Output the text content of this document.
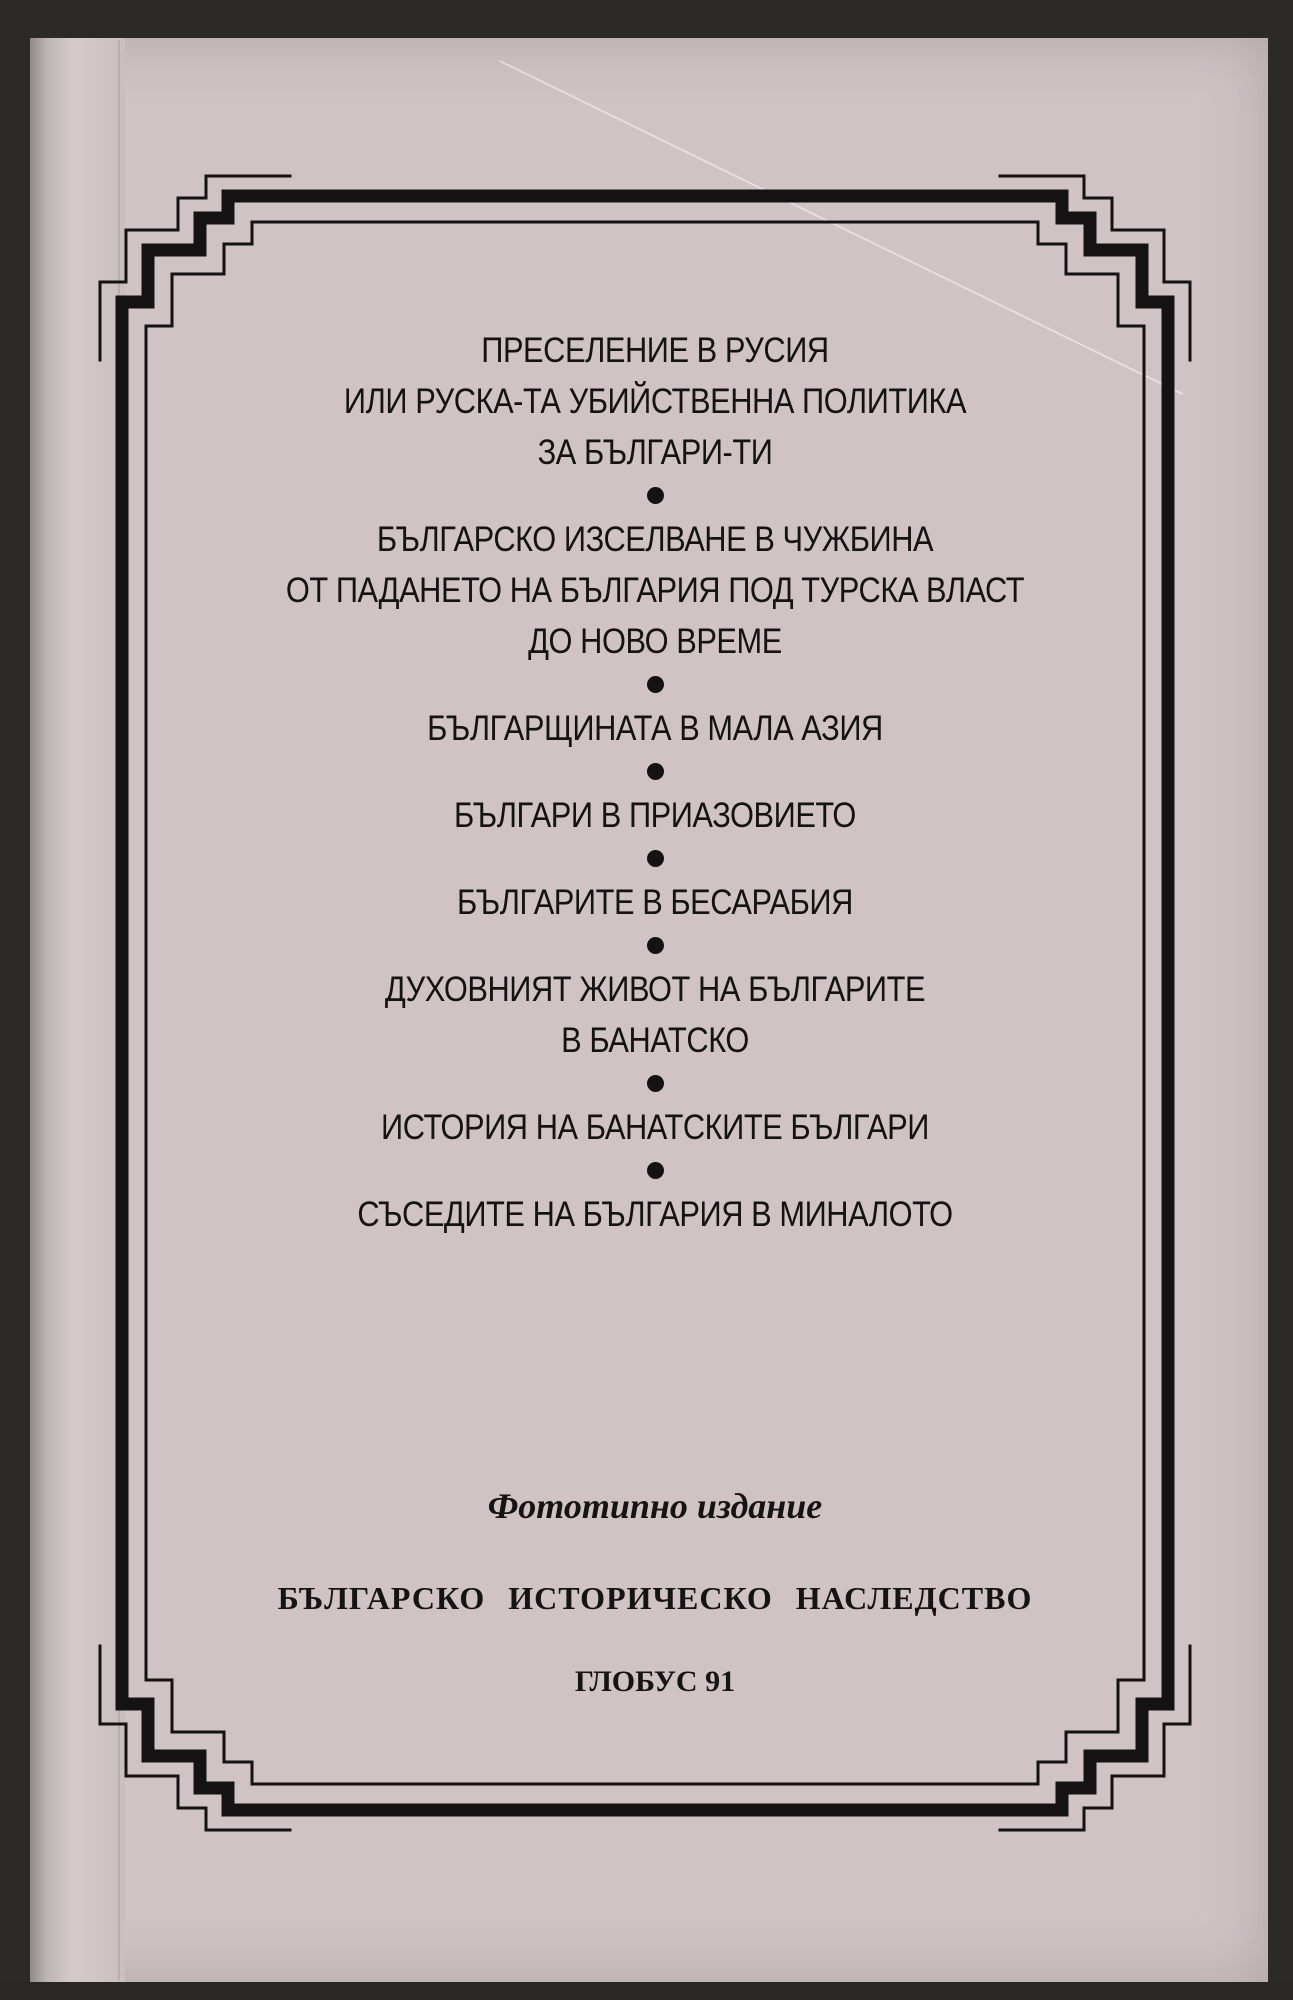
ПРЕСЕЛЕНИЕ В РУСИЯ
ИЛИ РУСКА-ТА УБИЙСТВЕННА ПОЛИТИКА
ЗА БЪЛГАРИ-ТИ
БЪЛГАРСКО ИЗСЕЛВАНЕ В ЧУЖБИНА
ОТ ПАДАНЕТО НА БЪЛГАРИЯ ПОД ТУРСКА ВЛАСТ
ДО НОВО ВРЕМЕ
БЪЛГАРЩИНАТА В МАЛА АЗИЯ
БЪЛГАРИ В ПРИАЗОВИЕТО
БЪЛГАРИТЕ В БЕСАРАБИЯ
ДУХОВНИЯТ ЖИВОТ НА БЪЛГАРИТЕ
В БАНАТСКО
ИСТОРИЯ НА БАНАТСКИТЕ БЪЛГАРИ
СЪСЕДИТЕ НА БЪЛГАРИЯ В МИНАЛОТО
Фототипно издание
БЪЛГАРСКО ИСТОРИЧЕСКО НАСЛЕДСТВО
ГЛОБУС 91
